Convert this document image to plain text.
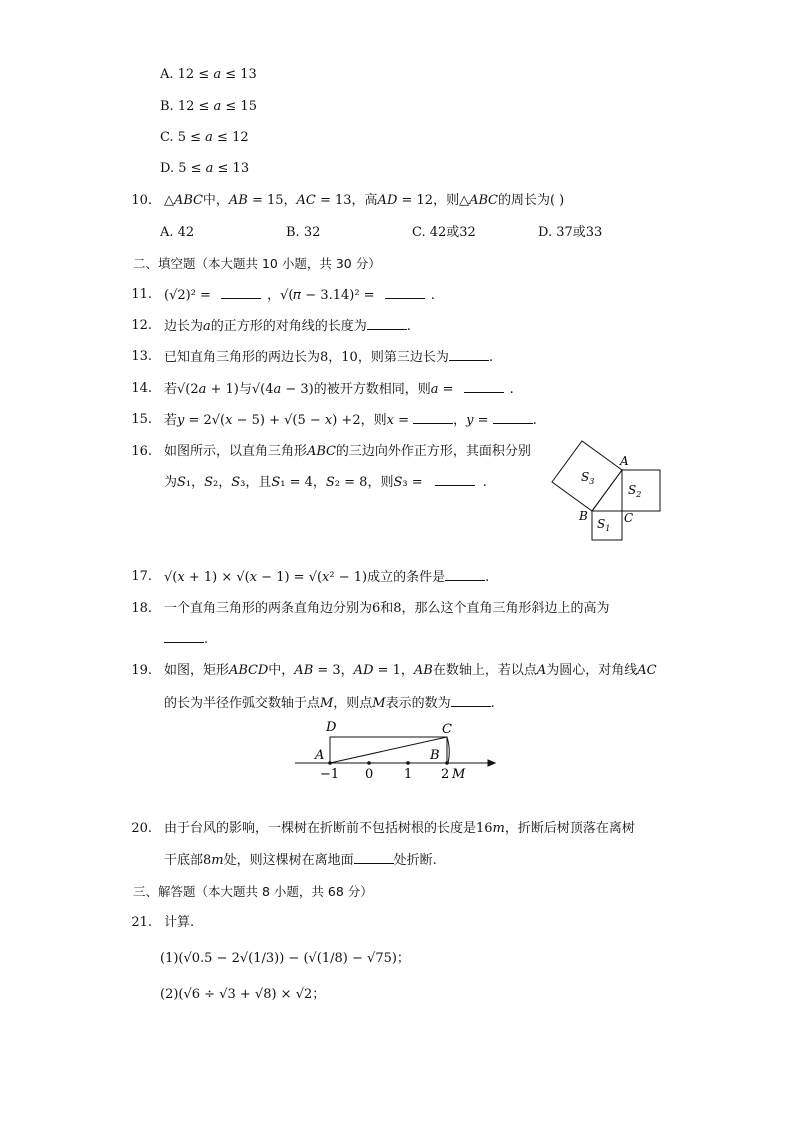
A. 12 ≤ 𝑎 ≤ 13
B. 12 ≤ 𝑎 ≤ 15
C. 5 ≤ 𝑎 ≤ 12
D. 5 ≤ 𝑎 ≤ 13
10. △𝐴𝐵𝐶中，𝐴𝐵 = 15，𝐴𝐶 = 13，高𝐴𝐷 = 12，则△𝐴𝐵𝐶的周长为( )
A. 42	B. 32	C. 42或32	D. 37或33
二、填空题（本大题共 10 小题，共 30 分）
11. (√2)² =	，√(𝜋 − 3.14)² =	.
12. 边长为𝑎的正方形的对角线的长度为	.
13. 已知直角三角形的两边长为8，10，则第三边长为	.
14. 若√(2𝑎 + 1)与√(4𝑎 − 3)的被开方数相同，则𝑎 =	.
15. 若𝑦 = 2√(𝑥 − 5) + √(5 − 𝑥) +2，则𝑥 =	，𝑦 =	.
16. 如图所示，以直角三角形𝐴𝐵𝐶的三边向外作正方形，其面积分别
为𝑆₁，𝑆₂，𝑆₃，且𝑆₁ = 4，𝑆₂ = 8，则𝑆₃ =	.	$S_3$
$S_2$
$S_1$
A
B	C
17. √(𝑥 + 1) × √(𝑥 − 1) = √(𝑥² − 1)成立的条件是	.
18. 一个直角三角形的两条直角边分别为6和8，那么这个直角三角形斜边上的高为
.
19. 如图，矩形𝐴𝐵𝐶𝐷中，𝐴𝐵 = 3，𝐴𝐷 = 1，𝐴𝐵在数轴上，若以点𝐴为圆心，对角线𝐴𝐶
的长为半径作弧交数轴于点𝑀，则点𝑀表示的数为	.
D	C
A	B
−1 0 1 2 M
20. 由于台风的影响，一棵树在折断前不包括树根的长度是16𝑚，折断后树顶落在离树
干底部8𝑚处，则这棵树在离地面	处折断.
三、解答题（本大题共 8 小题，共 68 分）
21. 计算.
(1)(√0.5 − 2√(1/3)) − (√(1/8) − √75)；
(2)(√6 ÷ √3 + √8) × √2；
